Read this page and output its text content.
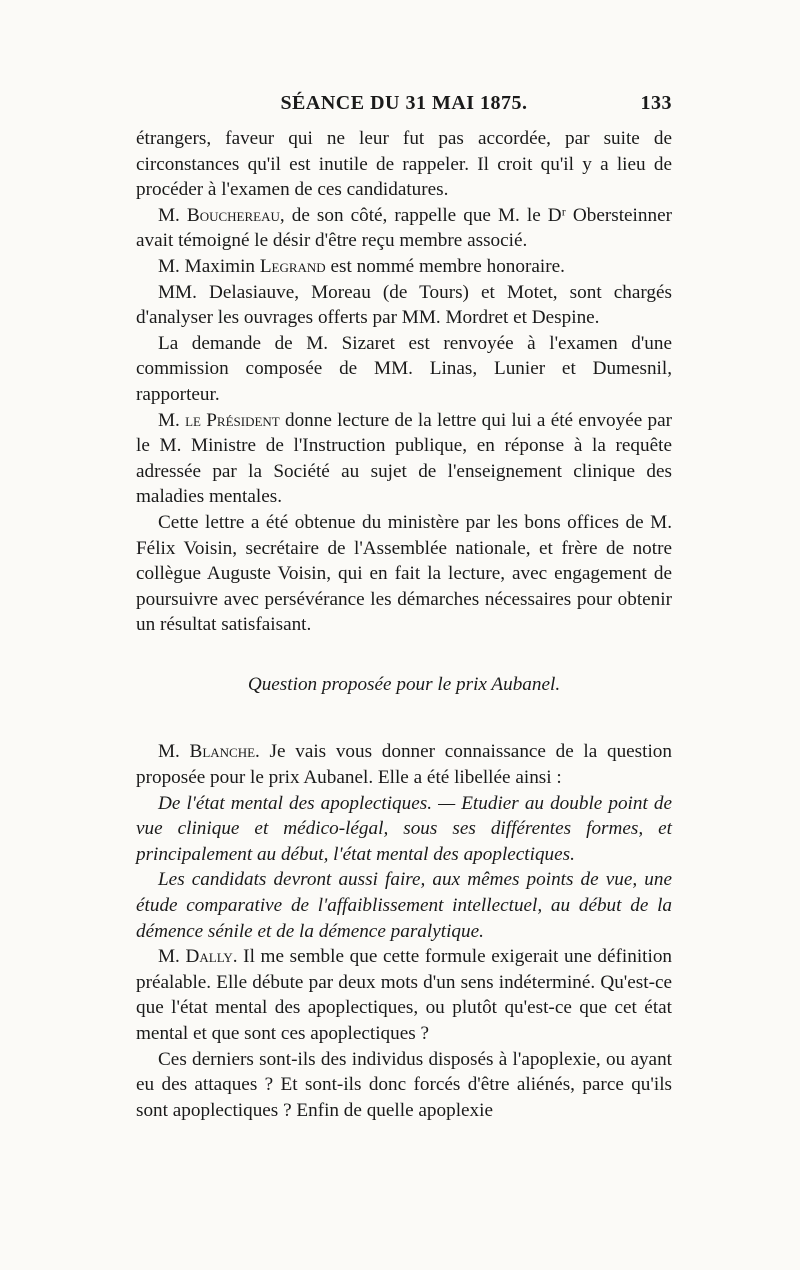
SÉANCE DU 31 MAI 1875.	133

étrangers, faveur qui ne leur fut pas accordée, par suite de circonstances qu'il est inutile de rappeler. Il croit qu'il y a lieu de procéder à l'examen de ces candidatures.

M. Bouchereau, de son côté, rappelle que M. le Dʳ Obersteinner avait témoigné le désir d'être reçu membre associé.

M. Maximin Legrand est nommé membre honoraire.

MM. Delasiauve, Moreau (de Tours) et Motet, sont chargés d'analyser les ouvrages offerts par MM. Mordret et Despine.

La demande de M. Sizaret est renvoyée à l'examen d'une commission composée de MM. Linas, Lunier et Dumesnil, rapporteur.

M. le Président donne lecture de la lettre qui lui a été envoyée par le M. Ministre de l'Instruction publique, en réponse à la requête adressée par la Société au sujet de l'enseignement clinique des maladies mentales.

Cette lettre a été obtenue du ministère par les bons offices de M. Félix Voisin, secrétaire de l'Assemblée nationale, et frère de notre collègue Auguste Voisin, qui en fait la lecture, avec engagement de poursuivre avec persévérance les démarches nécessaires pour obtenir un résultat satisfaisant.

Question proposée pour le prix Aubanel.

M. Blanche. Je vais vous donner connaissance de la question proposée pour le prix Aubanel. Elle a été libellée ainsi :

De l'état mental des apoplectiques. — Etudier au double point de vue clinique et médico-légal, sous ses différentes formes, et principalement au début, l'état mental des apoplectiques.

Les candidats devront aussi faire, aux mêmes points de vue, une étude comparative de l'affaiblissement intellectuel, au début de la démence sénile et de la démence paralytique.

M. Dally. Il me semble que cette formule exigerait une définition préalable. Elle débute par deux mots d'un sens indéterminé. Qu'est-ce que l'état mental des apoplectiques, ou plutôt qu'est-ce que cet état mental et que sont ces apoplectiques ?

Ces derniers sont-ils des individus disposés à l'apoplexie, ou ayant eu des attaques ? Et sont-ils donc forcés d'être aliénés, parce qu'ils sont apoplectiques ? Enfin de quelle apoplexie
